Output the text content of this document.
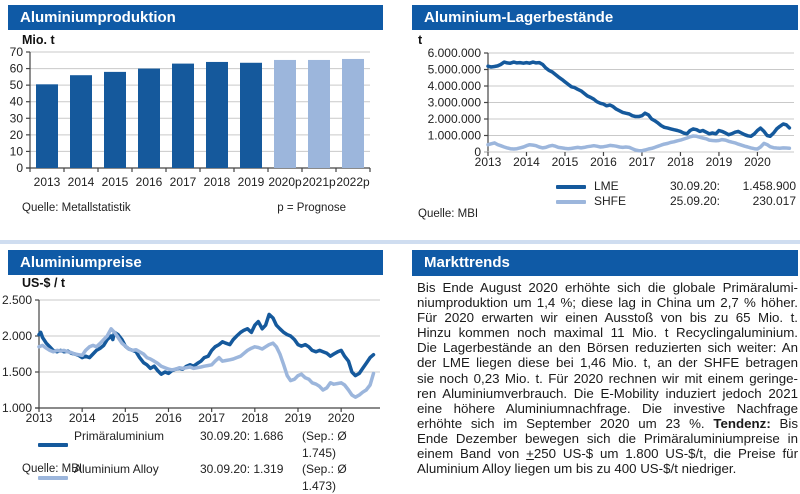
Aluminiumproduktion
Mio. t
0
10
20
30
40
50
60
70
2013 2014 2015 2016 2017 2018 2019 2020p 2021p 2022p
Quelle: Metallstatistik	p = Prognose
Aluminium-Lagerbestände
t
0
1.000.000
2.000.000
3.000.000
4.000.000
5.000.000
6.000.000
2013 2014 2015 2016 2017 2018 2019 2020
LME	30.09.20:	1.458.900
SHFE	25.09.20:	230.017
Quelle: MBI
Aluminiumpreise
US-$ / t
1.000
1.500
2.000
2.500
2013 2014 2015 2016 2017 2018 2019 2020
Primäraluminium	30.09.20: 1.686	(Sep.: Ø 1.745)
Aluminium Alloy	30.09.20: 1.319	(Sep.: Ø 1.473)
Quelle: MBI
Markttrends
Bis Ende August 2020 erhöhte sich die globale Primäralumi-
niumproduktion um 1,4 %; diese lag in China um 2,7 % höher.
Für 2020 erwarten wir einen Ausstoß von bis zu 65 Mio. t.
Hinzu kommen noch maximal 11 Mio. t Recyclingaluminium.
Die Lagerbestände an den Börsen reduzierten sich weiter: An
der LME liegen diese bei 1,46 Mio. t, an der SHFE betragen
sie noch 0,23 Mio. t. Für 2020 rechnen wir mit einem geringe-
ren Aluminiumverbrauch. Die E-Mobility induziert jedoch 2021
eine höhere Aluminiumnachfrage. Die investive Nachfrage
erhöhte sich im September 2020 um 23 %. Tendenz: Bis
Ende Dezember bewegen sich die Primäraluminiumpreise in
einem Band von +250 US-$ um 1.800 US-$/t, die Preise für
Aluminium Alloy liegen um bis zu 400 US-$/t niedriger.
